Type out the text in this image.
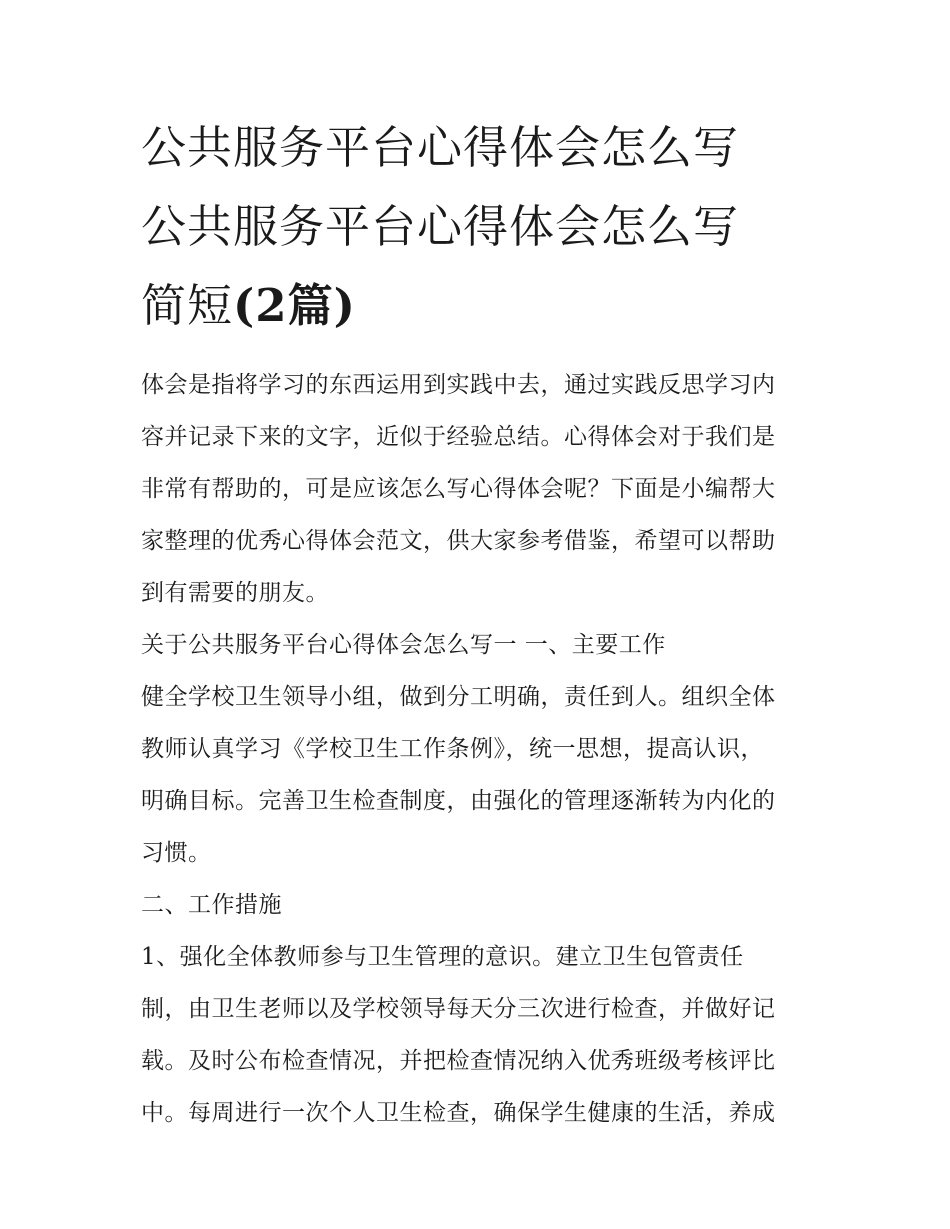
公共服务平台心得体会怎么写
公共服务平台心得体会怎么写
简短(2篇)

体会是指将学习的东西运用到实践中去，通过实践反思学习内
容并记录下来的文字，近似于经验总结。心得体会对于我们是
非常有帮助的，可是应该怎么写心得体会呢？下面是小编帮大
家整理的优秀心得体会范文，供大家参考借鉴，希望可以帮助
到有需要的朋友。

关于公共服务平台心得体会怎么写一 一、主要工作

健全学校卫生领导小组，做到分工明确，责任到人。组织全体
教师认真学习《学校卫生工作条例》，统一思想，提高认识，
明确目标。完善卫生检查制度，由强化的管理逐渐转为内化的
习惯。

二、工作措施

1、强化全体教师参与卫生管理的意识。建立卫生包管责任
制，由卫生老师以及学校领导每天分三次进行检查，并做好记
载。及时公布检查情况，并把检查情况纳入优秀班级考核评比
中。每周进行一次个人卫生检查，确保学生健康的生活，养成
